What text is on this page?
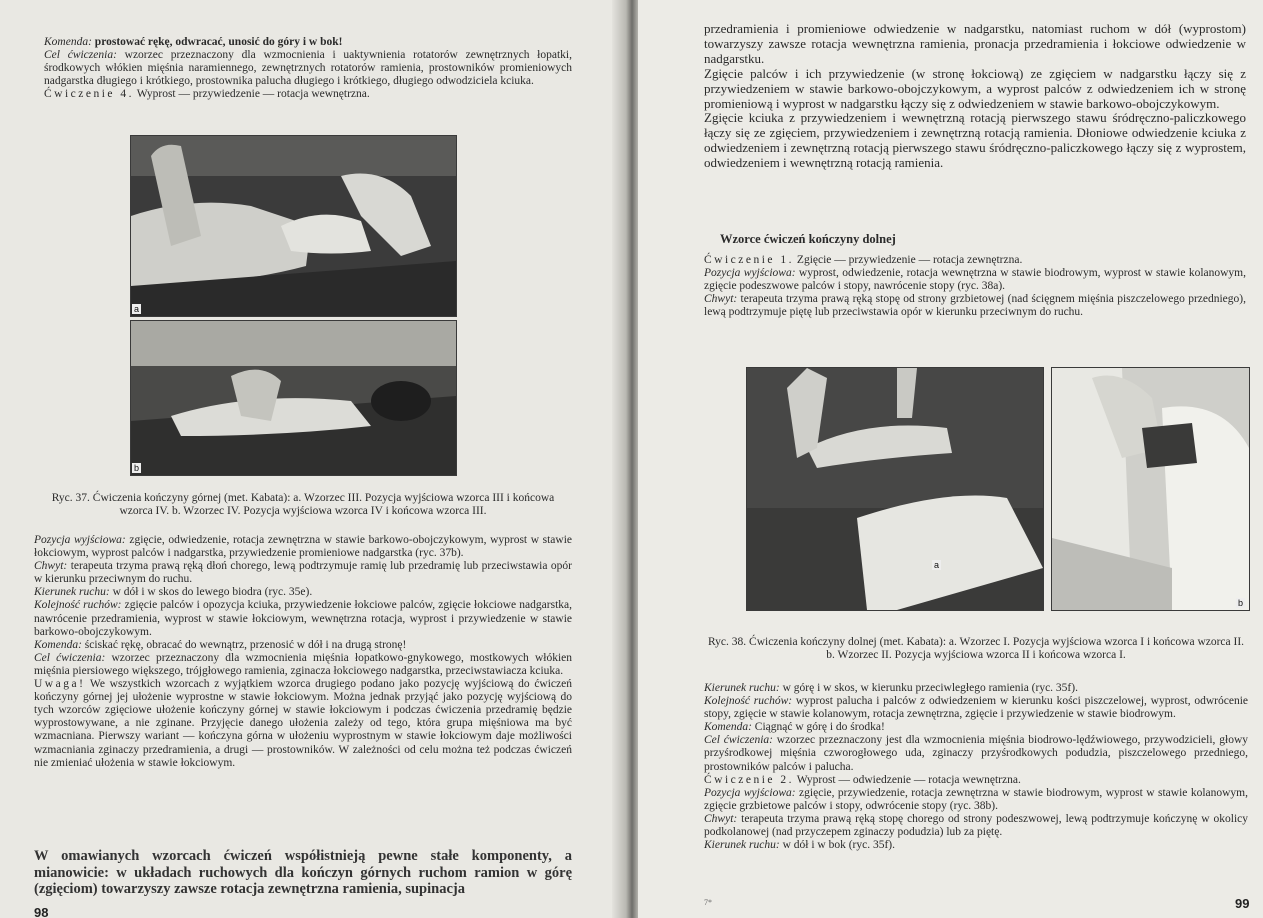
Komenda: prostować rękę, odwracać, unosić do góry i w bok!
Cel ćwiczenia: wzorzec przeznaczony dla wzmocnienia i uaktywnienia rotatorów zewnętrznych łopatki, środkowych włókien mięśnia naramiennego, zewnętrznych rotatorów ramienia, prostowników promieniowych nadgarstka długiego i krótkiego, prostownika palucha długiego i krótkiego, długiego odwodziciela kciuka.
Ćwiczenie 4. Wyprost — przywiedzenie — rotacja wewnętrzna.

a
b

Ryc. 37. Ćwiczenia kończyny górnej (met. Kabata): a. Wzorzec III. Pozycja wyjściowa wzorca III i końcowa wzorca IV. b. Wzorzec IV. Pozycja wyjściowa wzorca IV i końcowa wzorca III.

Pozycja wyjściowa: zgięcie, odwiedzenie, rotacja zewnętrzna w stawie barkowo-obojczykowym, wyprost w stawie łokciowym, wyprost palców i nadgarstka, przywiedzenie promieniowe nadgarstka (ryc. 37b).
Chwyt: terapeuta trzyma prawą ręką dłoń chorego, lewą podtrzymuje ramię lub przedramię lub przeciwstawia opór w kierunku przeciwnym do ruchu.
Kierunek ruchu: w dół i w skos do lewego biodra (ryc. 35e).
Kolejność ruchów: zgięcie palców i opozycja kciuka, przywiedzenie łokciowe palców, zgięcie łokciowe nadgarstka, nawrócenie przedramienia, wyprost w stawie łokciowym, wewnętrzna rotacja, wyprost i przywiedzenie w stawie barkowo-obojczykowym.
Komenda: ściskać rękę, obracać do wewnątrz, przenosić w dół i na drugą stronę!
Cel ćwiczenia: wzorzec przeznaczony dla wzmocnienia mięśnia łopatkowo-gnykowego, mostkowych włókien mięśnia piersiowego większego, trójgłowego ramienia, zginacza łokciowego nadgarstka, przeciwstawiacza kciuka.
Uwaga! We wszystkich wzorcach z wyjątkiem wzorca drugiego podano jako pozycję wyjściową do ćwiczeń kończyny górnej jej ułożenie wyprostne w stawie łokciowym. Można jednak przyjąć jako pozycję wyjściową do tych wzorców zgięciowe ułożenie kończyny górnej w stawie łokciowym i podczas ćwiczenia przedramię będzie wyprostowywane, a nie zginane. Przyjęcie danego ułożenia zależy od tego, która grupa mięśniowa ma być wzmacniana. Pierwszy wariant — kończyna górna w ułożeniu wyprostnym w stawie łokciowym daje możliwości wzmacniania zginaczy przedramienia, a drugi — prostowników. W zależności od celu można też podczas ćwiczeń nie zmieniać ułożenia w stawie łokciowym.

W omawianych wzorcach ćwiczeń współistnieją pewne stałe komponenty, a mianowicie: w układach ruchowych dla kończyn górnych ruchom ramion w górę (zgięciom) towarzyszy zawsze rotacja zewnętrzna ramienia, supinacja

98

przedramienia i promieniowe odwiedzenie w nadgarstku, natomiast ruchom w dół (wyprostom) towarzyszy zawsze rotacja wewnętrzna ramienia, pronacja przedramienia i łokciowe odwiedzenie w nadgarstku.
Zgięcie palców i ich przywiedzenie (w stronę łokciową) ze zgięciem w nadgarstku łączy się z przywiedzeniem w stawie barkowo-obojczykowym, a wyprost palców z odwiedzeniem ich w stronę promieniową i wyprost w nadgarstku łączy się z odwiedzeniem w stawie barkowo-obojczykowym.
Zgięcie kciuka z przywiedzeniem i wewnętrzną rotacją pierwszego stawu śródręczno-paliczkowego łączy się ze zgięciem, przywiedzeniem i zewnętrzną rotacją ramienia. Dłoniowe odwiedzenie kciuka z odwiedzeniem i zewnętrzną rotacją pierwszego stawu śródręczno-paliczkowego łączy się z wyprostem, odwiedzeniem i wewnętrzną rotacją ramienia.

Wzorce ćwiczeń kończyny dolnej

Ćwiczenie 1. Zgięcie — przywiedzenie — rotacja zewnętrzna.
Pozycja wyjściowa: wyprost, odwiedzenie, rotacja wewnętrzna w stawie biodrowym, wyprost w stawie kolanowym, zgięcie podeszwowe palców i stopy, nawrócenie stopy (ryc. 38a).
Chwyt: terapeuta trzyma prawą ręką stopę od strony grzbietowej (nad ścięgnem mięśnia piszczelowego przedniego), lewą podtrzymuje piętę lub przeciwstawia opór w kierunku przeciwnym do ruchu.

a
b

Ryc. 38. Ćwiczenia kończyny dolnej (met. Kabata): a. Wzorzec I. Pozycja wyjściowa wzorca I i końcowa wzorca II. b. Wzorzec II. Pozycja wyjściowa wzorca II i końcowa wzorca I.

Kierunek ruchu: w górę i w skos, w kierunku przeciwległego ramienia (ryc. 35f).
Kolejność ruchów: wyprost palucha i palców z odwiedzeniem w kierunku kości piszczelowej, wyprost, odwrócenie stopy, zgięcie w stawie kolanowym, rotacja zewnętrzna, zgięcie i przywiedzenie w stawie biodrowym.
Komenda: Ciągnąć w górę i do środka!
Cel ćwiczenia: wzorzec przeznaczony jest dla wzmocnienia mięśnia biodrowo-lędźwiowego, przywodzicieli, głowy przyśrodkowej mięśnia czworogłowego uda, zginaczy przyśrodkowych podudzia, piszczelowego przedniego, prostowników palców i palucha.
Ćwiczenie 2. Wyprost — odwiedzenie — rotacja wewnętrzna.
Pozycja wyjściowa: zgięcie, przywiedzenie, rotacja zewnętrzna w stawie biodrowym, wyprost w stawie kolanowym, zgięcie grzbietowe palców i stopy, odwrócenie stopy (ryc. 38b).
Chwyt: terapeuta trzyma prawą ręką stopę chorego od strony podeszwowej, lewą podtrzymuje kończynę w okolicy podkolanowej (nad przyczepem zginaczy podudzia) lub za piętę.
Kierunek ruchu: w dół i w bok (ryc. 35f).

7*	99
